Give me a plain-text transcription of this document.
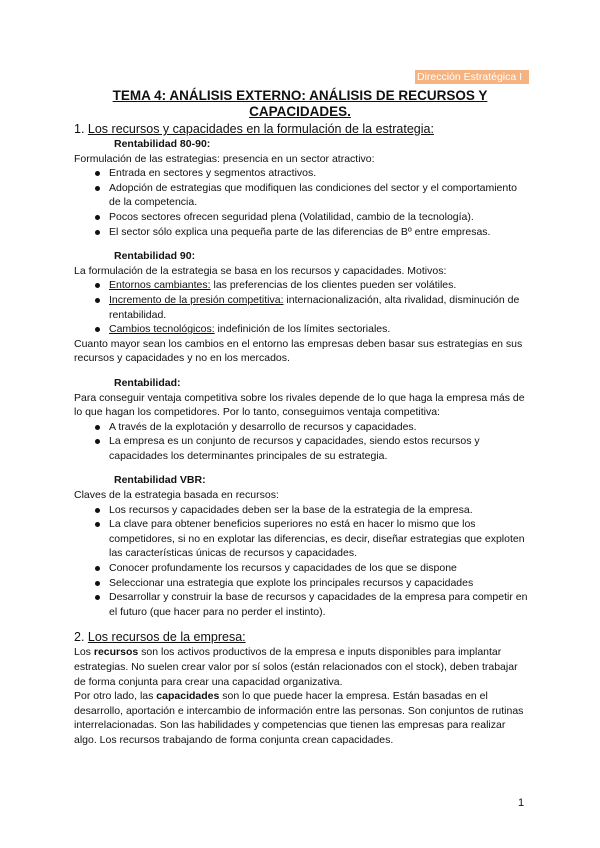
Dirección Estratégica I
TEMA 4: ANÁLISIS EXTERNO: ANÁLISIS DE RECURSOS Y CAPACIDADES.

1. Los recursos y capacidades en la formulación de la estrategia:

Rentabilidad 80-90:

Formulación de las estrategias: presencia en un sector atractivo:

Entrada en sectores y segmentos atractivos.
Adopción de estrategias que modifiquen las condiciones del sector y el comportamiento de la competencia.
Pocos sectores ofrecen seguridad plena (Volatilidad, cambio de la tecnología).
El sector sólo explica una pequeña parte de las diferencias de Bº entre empresas.

Rentabilidad 90:

La formulación de la estrategia se basa en los recursos y capacidades. Motivos:

Entornos cambiantes: las preferencias de los clientes pueden ser volátiles.
Incremento de la presión competitiva: internacionalización, alta rivalidad, disminución de rentabilidad.
Cambios tecnológicos: indefinición de los límites sectoriales.

Cuanto mayor sean los cambios en el entorno las empresas deben basar sus estrategias en sus recursos y capacidades y no en los mercados.

Rentabilidad:

Para conseguir ventaja competitiva sobre los rivales depende de lo que haga la empresa más de lo que hagan los competidores. Por lo tanto, conseguimos ventaja competitiva:

A través de la explotación y desarrollo de recursos y capacidades.
La empresa es un conjunto de recursos y capacidades, siendo estos recursos y capacidades los determinantes principales de su estrategia.

Rentabilidad VBR:

Claves de la estrategia basada en recursos:

Los recursos y capacidades deben ser la base de la estrategia de la empresa.
La clave para obtener beneficios superiores no está en hacer lo mismo que los competidores, si no en explotar las diferencias, es decir, diseñar estrategias que exploten las características únicas de recursos y capacidades.
Conocer profundamente los recursos y capacidades de los que se dispone
Seleccionar una estrategia que explote los principales recursos y capacidades
Desarrollar y construir la base de recursos y capacidades de la empresa para competir en el futuro (que hacer para no perder el instinto).

2. Los recursos de la empresa:

Los recursos son los activos productivos de la empresa e inputs disponibles para implantar estrategias. No suelen crear valor por sí solos (están relacionados con el stock), deben trabajar de forma conjunta para crear una capacidad organizativa.

Por otro lado, las capacidades son lo que puede hacer la empresa. Están basadas en el desarrollo, aportación e intercambio de información entre las personas. Son conjuntos de rutinas interrelacionadas. Son las habilidades y competencias que tienen las empresas para realizar algo. Los recursos trabajando de forma conjunta crean capacidades.

1
